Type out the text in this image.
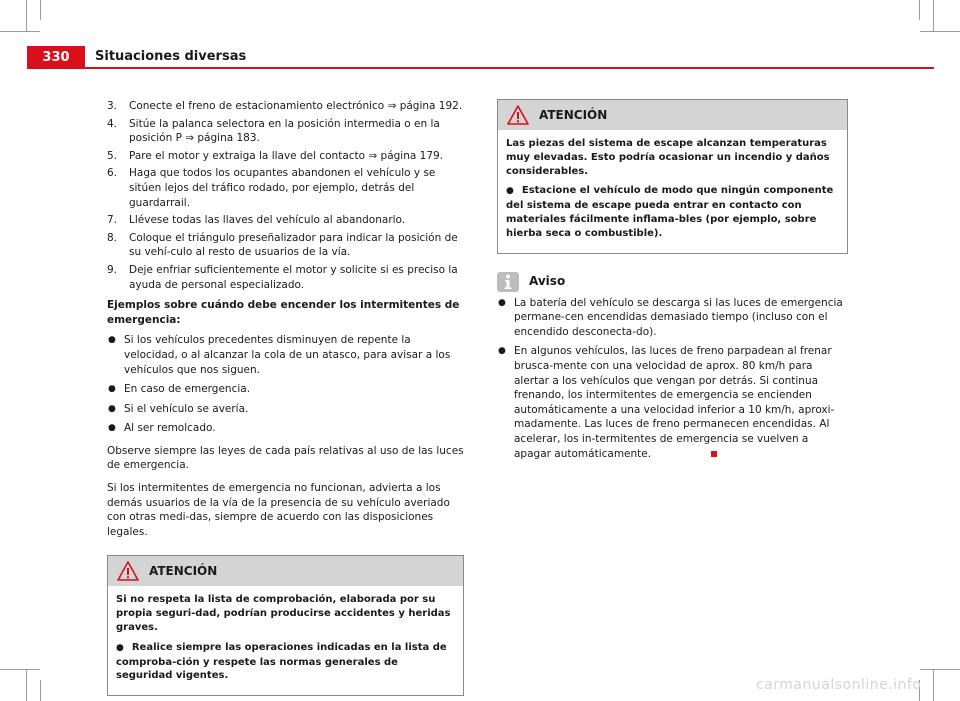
330	Situaciones diversas
3. Conecte el freno de estacionamiento electrónico ⇒ página 192.
4. Sitúe la palanca selectora en la posición intermedia o en la posición P ⇒ página 183.
5. Pare el motor y extraiga la llave del contacto ⇒ página 179.
6. Haga que todos los ocupantes abandonen el vehículo y se sitúen lejos del tráfico rodado, por ejemplo, detrás del guardarrail.
7. Llévese todas las llaves del vehículo al abandonarlo.
8. Coloque el triángulo preseñalizador para indicar la posición de su vehí-culo al resto de usuarios de la vía.
9. Deje enfriar suficientemente el motor y solicite si es preciso la ayuda de personal especializado.

Ejemplos sobre cuándo debe encender los intermitentes de emergencia:

● Si los vehículos precedentes disminuyen de repente la velocidad, o al alcanzar la cola de un atasco, para avisar a los vehículos que nos siguen.
● En caso de emergencia.
● Si el vehículo se avería.
● Al ser remolcado.

Observe siempre las leyes de cada país relativas al uso de las luces de emergencia.

Si los intermitentes de emergencia no funcionan, advierta a los demás usuarios de la vía de la presencia de su vehículo averiado con otras medi-das, siempre de acuerdo con las disposiciones legales.

ATENCIÓN

Si no respeta la lista de comprobación, elaborada por su propia seguri-dad, podrían producirse accidentes y heridas graves.

● Realice siempre las operaciones indicadas en la lista de comproba-ción y respete las normas generales de seguridad vigentes.

ATENCIÓN

Las piezas del sistema de escape alcanzan temperaturas muy elevadas. Esto podría ocasionar un incendio y daños considerables.

● Estacione el vehículo de modo que ningún componente del sistema de escape pueda entrar en contacto con materiales fácilmente inflama-bles (por ejemplo, sobre hierba seca o combustible).

Aviso
● La batería del vehículo se descarga si las luces de emergencia permane-cen encendidas demasiado tiempo (incluso con el encendido desconecta-do).
● En algunos vehículos, las luces de freno parpadean al frenar brusca-mente con una velocidad de aprox. 80 km/h para alertar a los vehículos que vengan por detrás. Si continua frenando, los intermitentes de emergencia se encienden automáticamente a una velocidad inferior a 10 km/h, aproxi-madamente. Las luces de freno permanecen encendidas. Al acelerar, los in-termitentes de emergencia se vuelven a apagar automáticamente.
carmanualsonline.info
